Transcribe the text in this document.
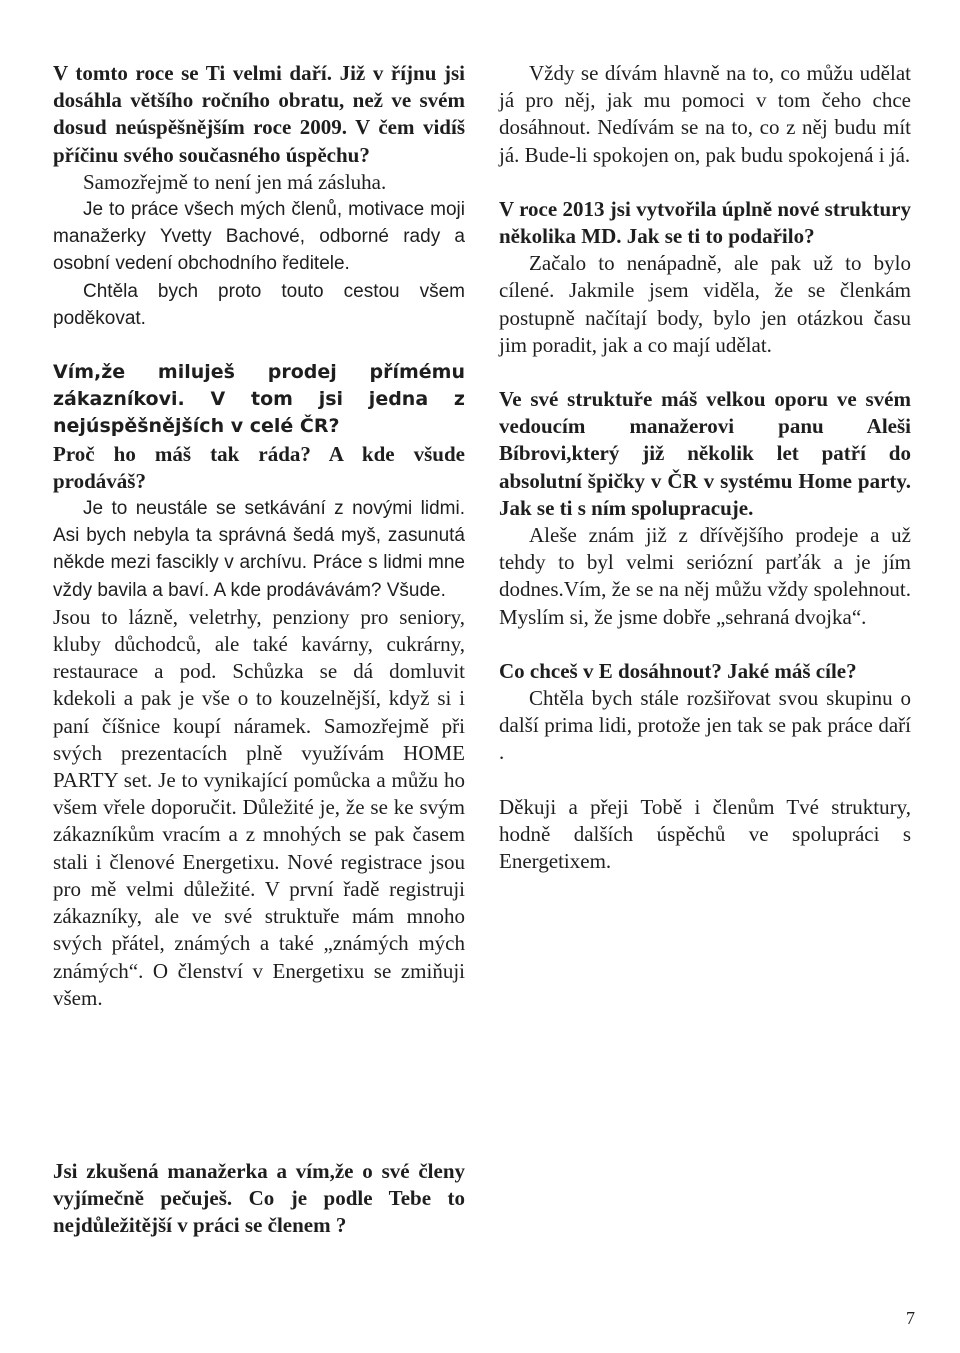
V tomto roce se Ti velmi daří. Již v říjnu jsi dosáhla většího ročního obratu, než ve svém dosud neúspěšnějším roce 2009. V čem vidíš příčinu svého současného úspěchu?

Samozřejmě to není jen má zásluha.

Je to práce všech mých členů, motivace moji manažerky Yvetty Bachové, odborné rady a osobní vedení obchodního ředitele.

Chtěla bych proto touto cestou všem poděkovat.

Vím,že miluješ prodej přímému zákazníkovi. V tom jsi jedna z nejúspěšnějších v celé ČR?

Proč ho máš tak ráda? A kde všude prodáváš?

Je to neustále se setkávání z novými lidmi. Asi bych nebyla ta správná šedá myš, zasunutá někde mezi fascikly v archívu. Práce s lidmi mne vždy bavila a baví. A kde prodávávám? Všude.

Jsou to lázně, veletrhy, penziony pro seniory, kluby důchodců, ale také kavárny, cukrárny, restaurace a pod. Schůzka se dá domluvit kdekoli a pak je vše o to kouzelnější, když si i paní číšnice koupí náramek. Samozřejmě při svých prezentacích plně využívám HOME PARTY set. Je to vynikající pomůcka a můžu ho všem vřele doporučit. Důležité je, že se ke svým zákazníkům vracím a z mnohých se pak časem stali i členové Energetixu. Nové registrace jsou pro mě velmi důležité. V první řadě registruji zákazníky, ale ve své struktuře mám mnoho svých přátel, známých a také „známých mých známých“. O členství v Energetixu se zmiňuji všem.

Jsi zkušená manažerka a vím,že o své členy vyjímečně pečuješ. Co je podle Tebe to nejdůležitější v práci se členem ?

Vždy se dívám hlavně na to, co můžu udělat já pro něj, jak mu pomoci v tom čeho chce dosáhnout. Nedívám se na to, co z něj budu mít já. Bude-li spokojen on, pak budu spokojená i já.

V roce 2013 jsi vytvořila úplně nové struktury několika MD. Jak se ti to podařilo?

Začalo to nenápadně, ale pak už to bylo cílené. Jakmile jsem viděla, že se členkám postupně načítají body, bylo jen otázkou času jim poradit, jak a co mají udělat.

Ve své struktuře máš velkou oporu ve svém vedoucím manažerovi panu Aleši Bíbrovi,který již několik let patří do absolutní špičky v ČR v systému Home party. Jak se ti s ním spolupracuje.

Aleše znám již z dřívějšího prodeje a už tehdy to byl velmi seriózní parťák a je jím dodnes.Vím, že se na něj můžu vždy spolehnout. Myslím si, že jsme dobře „sehraná dvojka“.

Co chceš v E dosáhnout? Jaké máš cíle?

Chtěla bych stále rozšiřovat svou skupinu o další prima lidi, protože jen tak se pak práce daří .

Děkuji a přeji Tobě i členům Tvé struktury, hodně dalších úspěchů ve spolupráci s Energetixem.

7
